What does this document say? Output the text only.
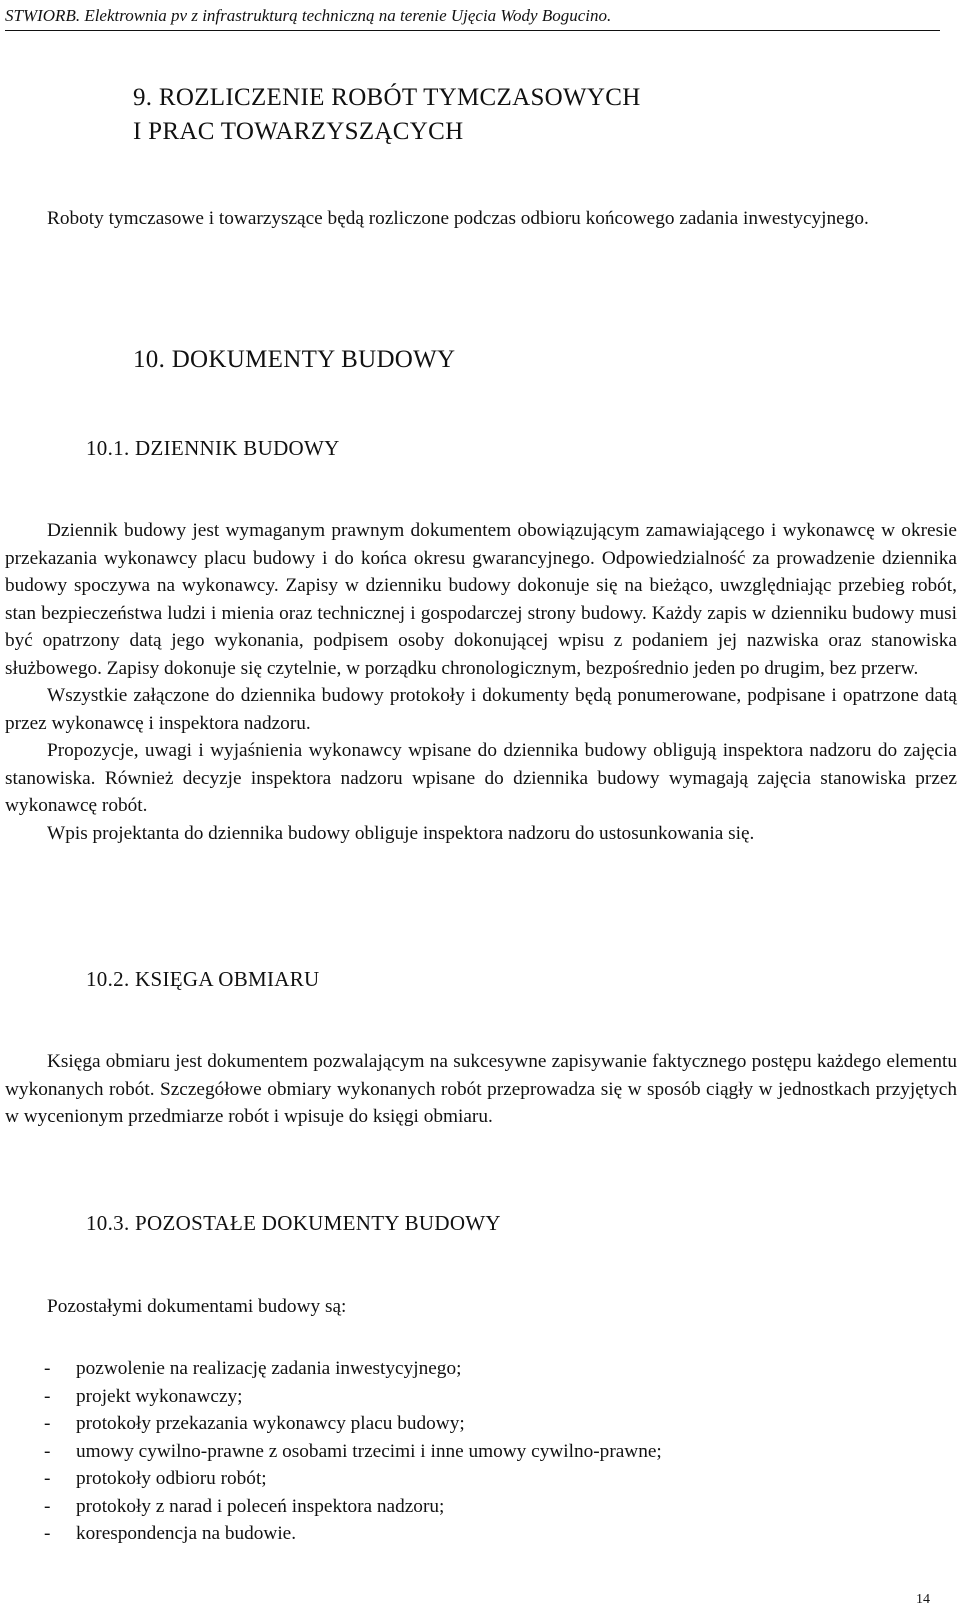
STWIORB. Elektrownia pv z infrastrukturą techniczną na terenie Ujęcia Wody Bogucino.
9. ROZLICZENIE ROBÓT TYMCZASOWYCH
I PRAC TOWARZYSZĄCYCH

Roboty tymczasowe i towarzyszące będą rozliczone podczas odbioru końcowego zadania inwestycyjnego.

10. DOKUMENTY BUDOWY
10.1. DZIENNIK BUDOWY

Dziennik budowy jest wymaganym prawnym dokumentem obowiązującym zamawiającego i wykonawcę w okresie przekazania wykonawcy placu budowy i do końca okresu gwarancyjnego. Odpowiedzialność za prowadzenie dziennika budowy spoczywa na wykonawcy. Zapisy w dzienniku budowy dokonuje się na bieżąco, uwzględniając przebieg robót, stan bezpieczeństwa ludzi i mienia oraz technicznej i gospodarczej strony budowy. Każdy zapis w dzienniku budowy musi być opatrzony datą jego wykonania, podpisem osoby dokonującej wpisu z podaniem jej nazwiska oraz stanowiska służbowego. Zapisy dokonuje się czytelnie, w porządku chronologicznym, bezpośrednio jeden po drugim, bez przerw.

Wszystkie załączone do dziennika budowy protokoły i dokumenty będą ponumerowane, podpisane i opatrzone datą przez wykonawcę i inspektora nadzoru.

Propozycje, uwagi i wyjaśnienia wykonawcy wpisane do dziennika budowy obligują inspektora nadzoru do zajęcia stanowiska. Również decyzje inspektora nadzoru wpisane do dziennika budowy wymagają zajęcia stanowiska przez wykonawcę robót.

Wpis projektanta do dziennika budowy obliguje inspektora nadzoru do ustosunkowania się.

10.2. KSIĘGA OBMIARU

Księga obmiaru jest dokumentem pozwalającym na sukcesywne zapisywanie faktycznego postępu każdego elementu wykonanych robót. Szczegółowe obmiary wykonanych robót przeprowadza się w sposób ciągły w jednostkach przyjętych w wycenionym przedmiarze robót i wpisuje do księgi obmiaru.

10.3. POZOSTAŁE DOKUMENTY BUDOWY
Pozostałymi dokumentami budowy są:
-	pozwolenie na realizację zadania inwestycyjnego;
-	projekt wykonawczy;
-	protokoły przekazania wykonawcy placu budowy;
-	umowy cywilno-prawne z osobami trzecimi i inne umowy cywilno-prawne;
-	protokoły odbioru robót;
-	protokoły z narad i poleceń inspektora nadzoru;
-	korespondencja na budowie.
14
